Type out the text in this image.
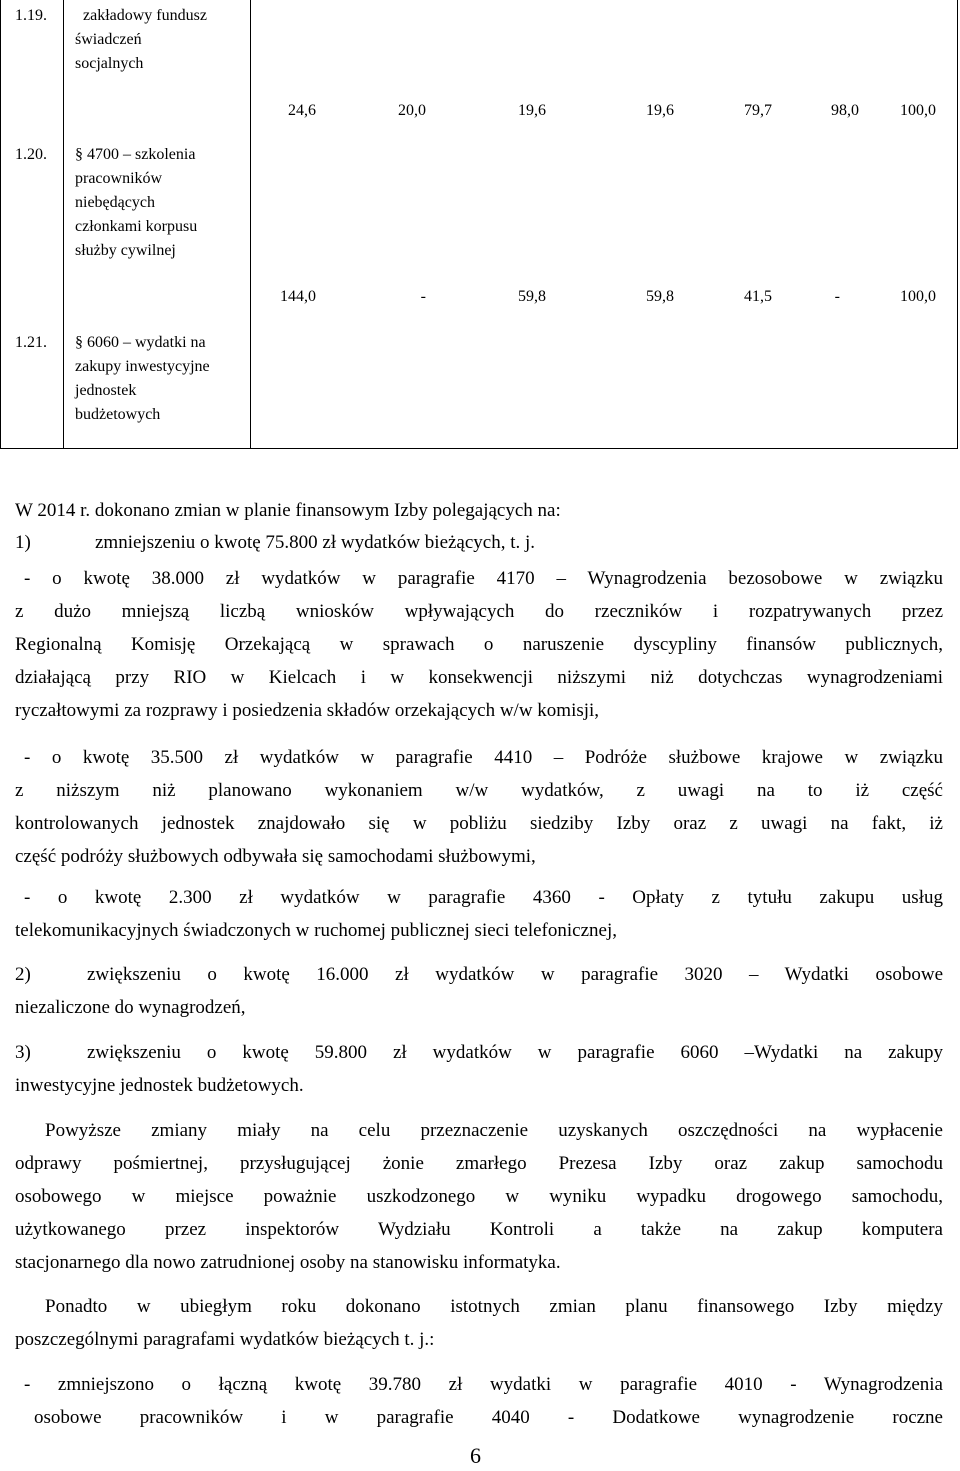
1.19.	zakładowy fundusz
świadczeń
socjalnych
24,6	20,0	19,6	19,6	79,7	98,0	100,0
1.20. § 4700 – szkolenia
pracowników
niebędących
członkami korpusu
służby cywilnej
144,0	-	59,8	59,8	41,5	-	100,0
1.21. § 6060 – wydatki na
zakupy inwestycyjne
jednostek
budżetowych
W 2014 r. dokonano zmian w planie finansowym Izby polegających na:
1)	zmniejszeniu o kwotę 75.800 zł wydatków bieżących, t. j.
- o kwotę 38.000 zł wydatków w paragrafie 4170 – Wynagrodzenia bezosobowe w związku
z dużo mniejszą liczbą wniosków wpływających do rzeczników i rozpatrywanych przez
Regionalną Komisję Orzekającą w sprawach o naruszenie dyscypliny finansów publicznych,
działającą przy RIO w Kielcach i w konsekwencji niższymi niż dotychczas wynagrodzeniami
ryczałtowymi za rozprawy i posiedzenia składów orzekających w/w komisji,
- o kwotę 35.500 zł wydatków w paragrafie 4410 – Podróże służbowe krajowe w związku
z niższym niż planowano wykonaniem w/w wydatków, z uwagi na to iż część
kontrolowanych jednostek znajdowało się w pobliżu siedziby Izby oraz z uwagi na fakt, iż
część podróży służbowych odbywała się samochodami służbowymi,
- o kwotę 2.300 zł wydatków w paragrafie 4360 - Opłaty z tytułu zakupu usług
telekomunikacyjnych świadczonych w ruchomej publicznej sieci telefonicznej,
2)	zwiększeniu o kwotę 16.000 zł wydatków w paragrafie 3020 – Wydatki osobowe
niezaliczone do wynagrodzeń,
3)	zwiększeniu o kwotę 59.800 zł wydatków w paragrafie 6060 –Wydatki na zakupy
inwestycyjne jednostek budżetowych.
Powyższe zmiany miały na celu przeznaczenie uzyskanych oszczędności na wypłacenie
odprawy pośmiertnej, przysługującej żonie zmarłego Prezesa Izby oraz zakup samochodu
osobowego w miejsce poważnie uszkodzonego w wyniku wypadku drogowego samochodu,
użytkowanego przez inspektorów Wydziału Kontroli a także na zakup komputera
stacjonarnego dla nowo zatrudnionej osoby na stanowisku informatyka.
Ponadto w ubiegłym roku dokonano istotnych zmian planu finansowego Izby między
poszczególnymi paragrafami wydatków bieżących t. j.:
- zmniejszono o łączną kwotę 39.780 zł wydatki w paragrafie 4010 - Wynagrodzenia
osobowe pracowników i w paragrafie 4040 - Dodatkowe wynagrodzenie roczne
6
